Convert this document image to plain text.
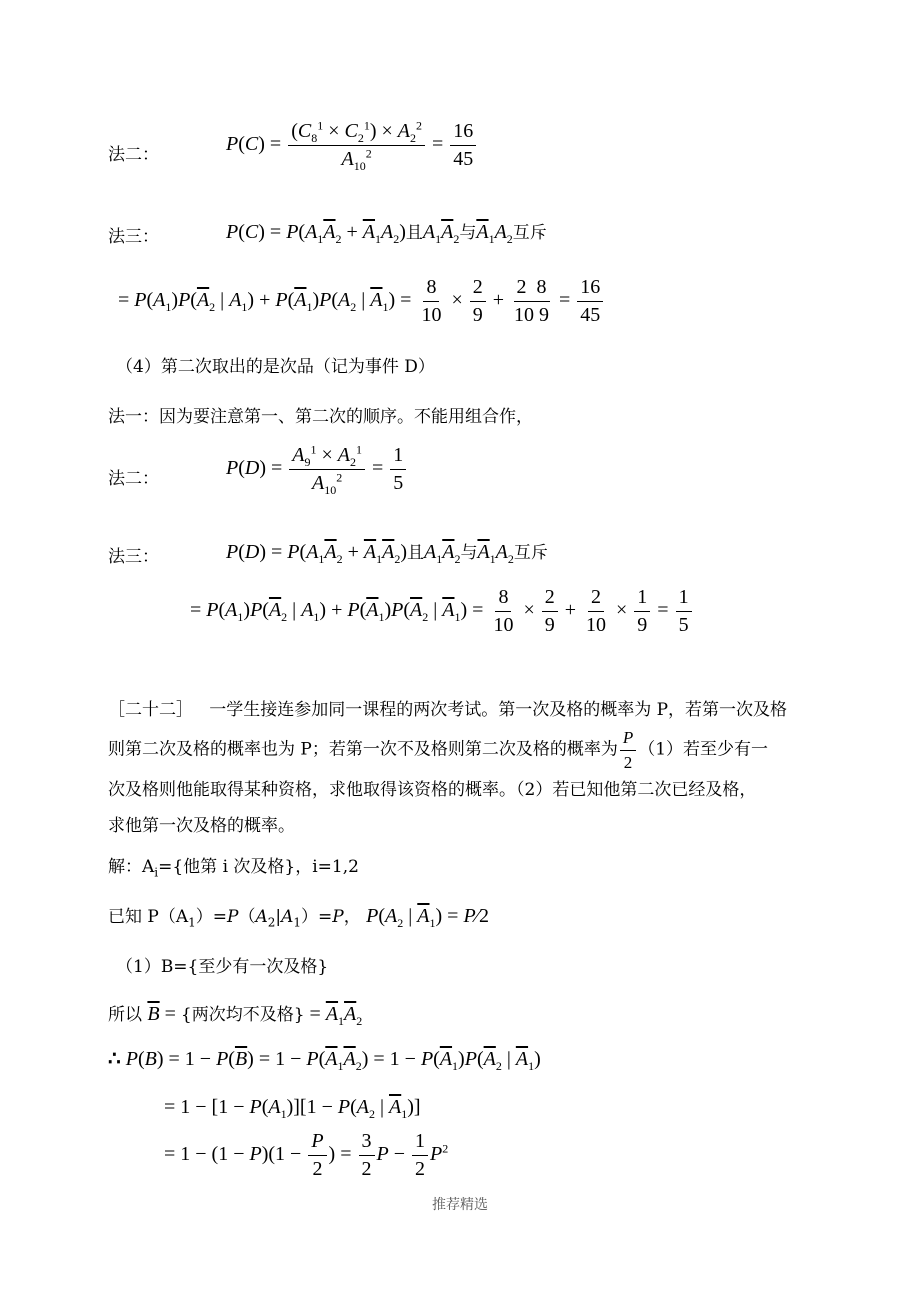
法二：	$P(C) = \frac{(C_8^1 \times C_2^1) \times A_2^2}{A_{10}^2} = \frac{16}{45}$
法三：	$P(C) = P(A_1\overline{A}_2 + \overline{A}_1A_2)$且$A_1\overline{A}_2$与$\overline{A}_1A_2$互斥
= $P(A_1)P(\overline{A}_2$ | $A_1) + P(\overline{A}_1)P(A_2$ | $\overline{A}_1) = \frac{8}{10} \times \frac{2}{9} + \frac{2 8}{10 9} = \frac{16}{45}$
（4）第二次取出的是次品（记为事件 D）
法一：因为要注意第一、第二次的顺序。不能用组合作，
法二：	$P(D) = \frac{A_9^1 \times A_2^1}{A_{10}^2} = \frac{1}{5}$
法三：	$P(D) = P(A_1\overline{A}_2 + \overline{A}_1\overline{A}_2)$且$A_1\overline{A}_2$与$\overline{A}_1A_2$互斥
= $P(A_1)P(\overline{A}_2$ | $A_1) + P(\overline{A}_1)P(\overline{A}_2$ | $\overline{A}_1) = \frac{8}{10} \times \frac{2}{9} + \frac{2}{10} \times \frac{1}{9} = \frac{1}{5}$
［二十二］ 一学生接连参加同一课程的两次考试。第一次及格的概率为 P，若第一次及格
则第二次及格的概率也为 P；若第一次不及格则第二次及格的概率为 $\frac{P}{2} (1)$若至少有一
次及格则他能取得某种资格，求他取得该资格的概率。（2）若已知他第二次已经及格，
求他第一次及格的概率。
解：$A_i=${他第 i 次及格}，i=1,2
已知 $P(A_1)=P(A_2|A_1)=P$， $P(A_2$ | $\overline{A}_1$) = P⁄2
（1）B={至少有一次及格}
所以 $\overline{B}$ = {两次均不及格} = $\overline{A}_1\overline{A}_2$
∴ $P(B) = 1 - P(\overline{B}) = 1 - P(\overline{A}_1\overline{A}_2) = 1 - P(\overline{A}_1)P(\overline{A}_2$ | $\overline{A}_1$)
= $1 - [1 - P(A_1)][1 - P(A_2$ | $\overline{A}_1$)]
= $1 - (1 - P)(1 - \frac{P}{2}$ ) = $\frac{3}{2}$ $P - \frac{1}{2} P^2$
推荐精选
